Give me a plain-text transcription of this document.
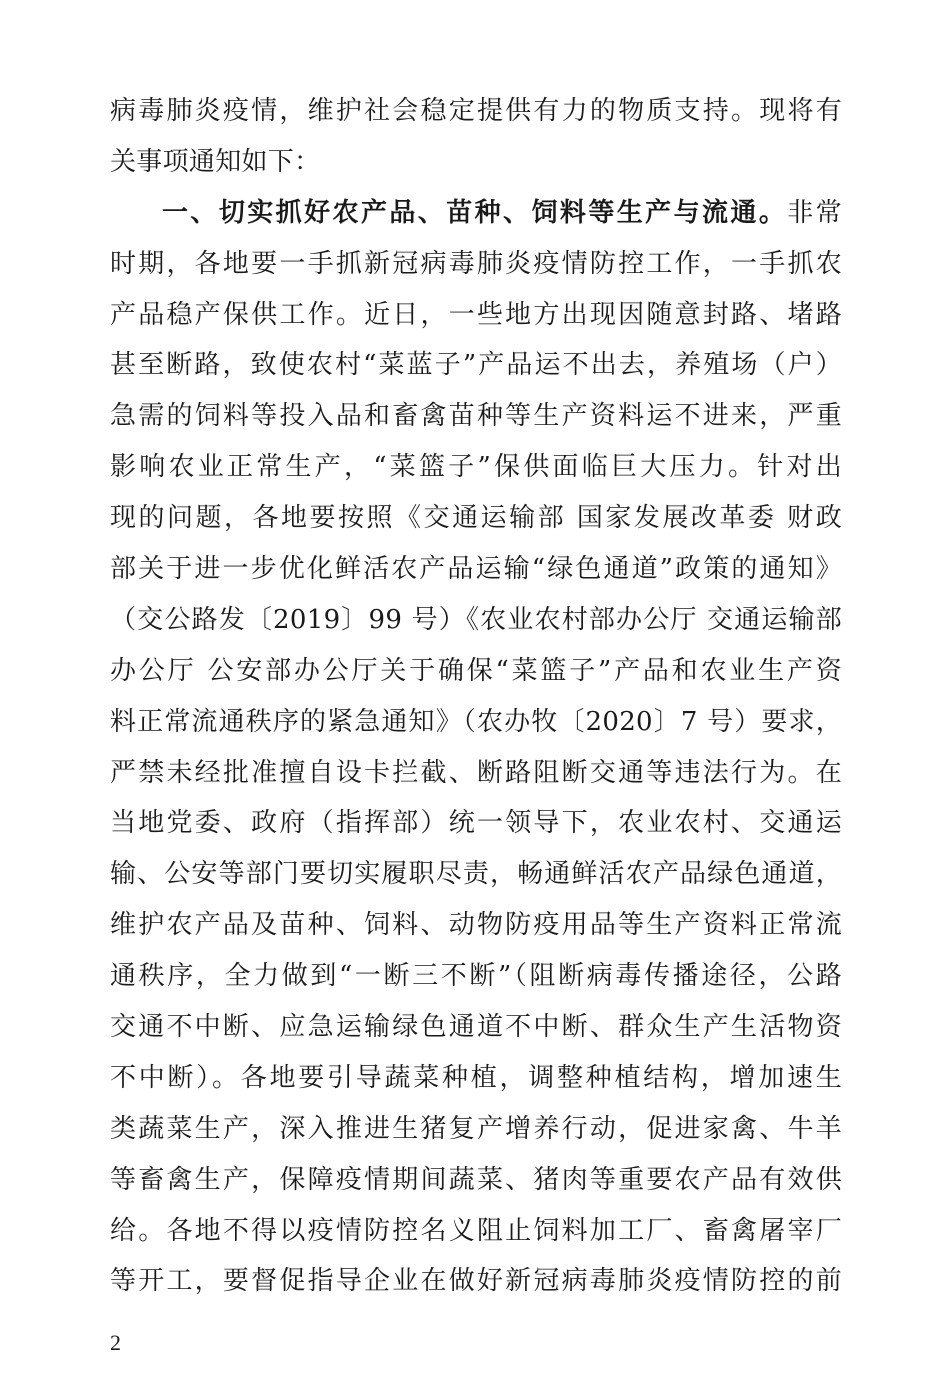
病毒肺炎疫情，维护社会稳定提供有力的物质支持。现将有
关事项通知如下：
一、切实抓好农产品、苗种、饲料等生产与流通。非常
时期，各地要一手抓新冠病毒肺炎疫情防控工作，一手抓农
产品稳产保供工作。近日，一些地方出现因随意封路、堵路
甚至断路，致使农村“菜蓝子”产品运不出去，养殖场（户）
急需的饲料等投入品和畜禽苗种等生产资料运不进来，严重
影响农业正常生产，“菜篮子”保供面临巨大压力。针对出
现的问题，各地要按照《交通运输部 国家发展改革委 财政
部关于进一步优化鲜活农产品运输“绿色通道”政策的通知》
（交公路发〔2019〕99 号）《农业农村部办公厅 交通运输部
办公厅 公安部办公厅关于确保“菜篮子”产品和农业生产资
料正常流通秩序的紧急通知》（农办牧〔2020〕7 号）要求，
严禁未经批准擅自设卡拦截、断路阻断交通等违法行为。在
当地党委、政府（指挥部）统一领导下，农业农村、交通运
输、公安等部门要切实履职尽责，畅通鲜活农产品绿色通道，
维护农产品及苗种、饲料、动物防疫用品等生产资料正常流
通秩序，全力做到“一断三不断”（阻断病毒传播途径，公路
交通不中断、应急运输绿色通道不中断、群众生产生活物资
不中断）。各地要引导蔬菜种植，调整种植结构，增加速生
类蔬菜生产，深入推进生猪复产增养行动，促进家禽、牛羊
等畜禽生产，保障疫情期间蔬菜、猪肉等重要农产品有效供
给。各地不得以疫情防控名义阻止饲料加工厂、畜禽屠宰厂
等开工，要督促指导企业在做好新冠病毒肺炎疫情防控的前
2
